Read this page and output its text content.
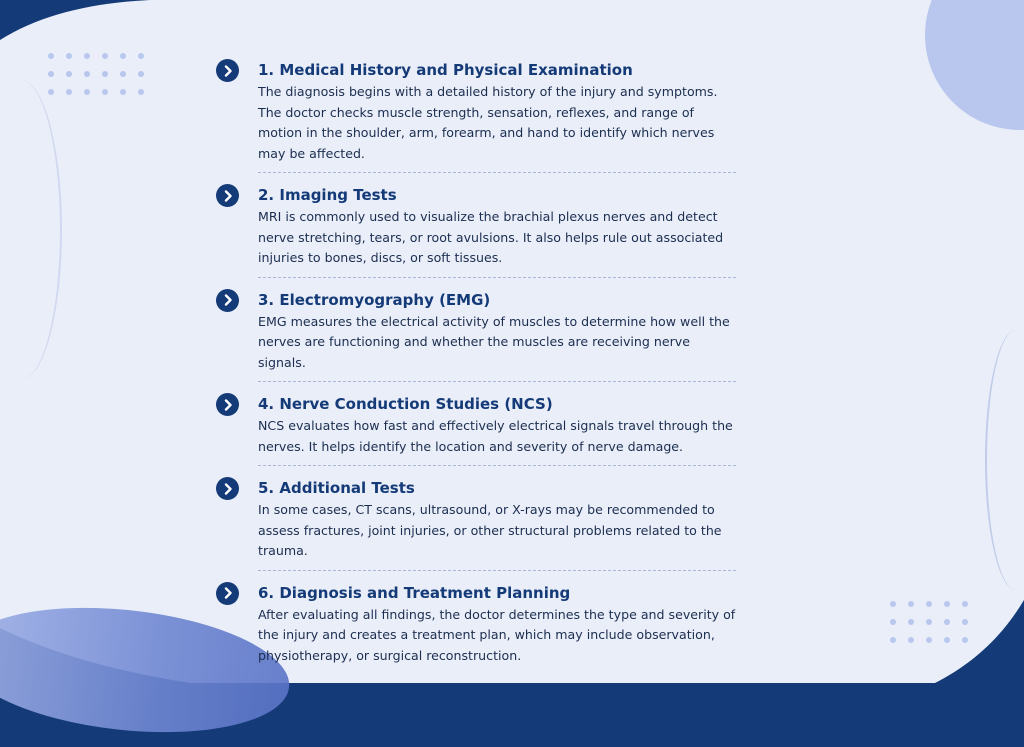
1. Medical History and Physical Examination

The diagnosis begins with a detailed history of the injury and symptoms. The doctor checks muscle strength, sensation, reflexes, and range of motion in the shoulder, arm, forearm, and hand to identify which nerves may be affected.

2. Imaging Tests

MRI is commonly used to visualize the brachial plexus nerves and detect nerve stretching, tears, or root avulsions. It also helps rule out associated injuries to bones, discs, or soft tissues.

3. Electromyography (EMG)

EMG measures the electrical activity of muscles to determine how well the nerves are functioning and whether the muscles are receiving nerve signals.

4. Nerve Conduction Studies (NCS)

NCS evaluates how fast and effectively electrical signals travel through the nerves. It helps identify the location and severity of nerve damage.

5. Additional Tests

In some cases, CT scans, ultrasound, or X-rays may be recommended to assess fractures, joint injuries, or other structural problems related to the trauma.

6. Diagnosis and Treatment Planning

After evaluating all findings, the doctor determines the type and severity of the injury and creates a treatment plan, which may include observation, physiotherapy, or surgical reconstruction.
